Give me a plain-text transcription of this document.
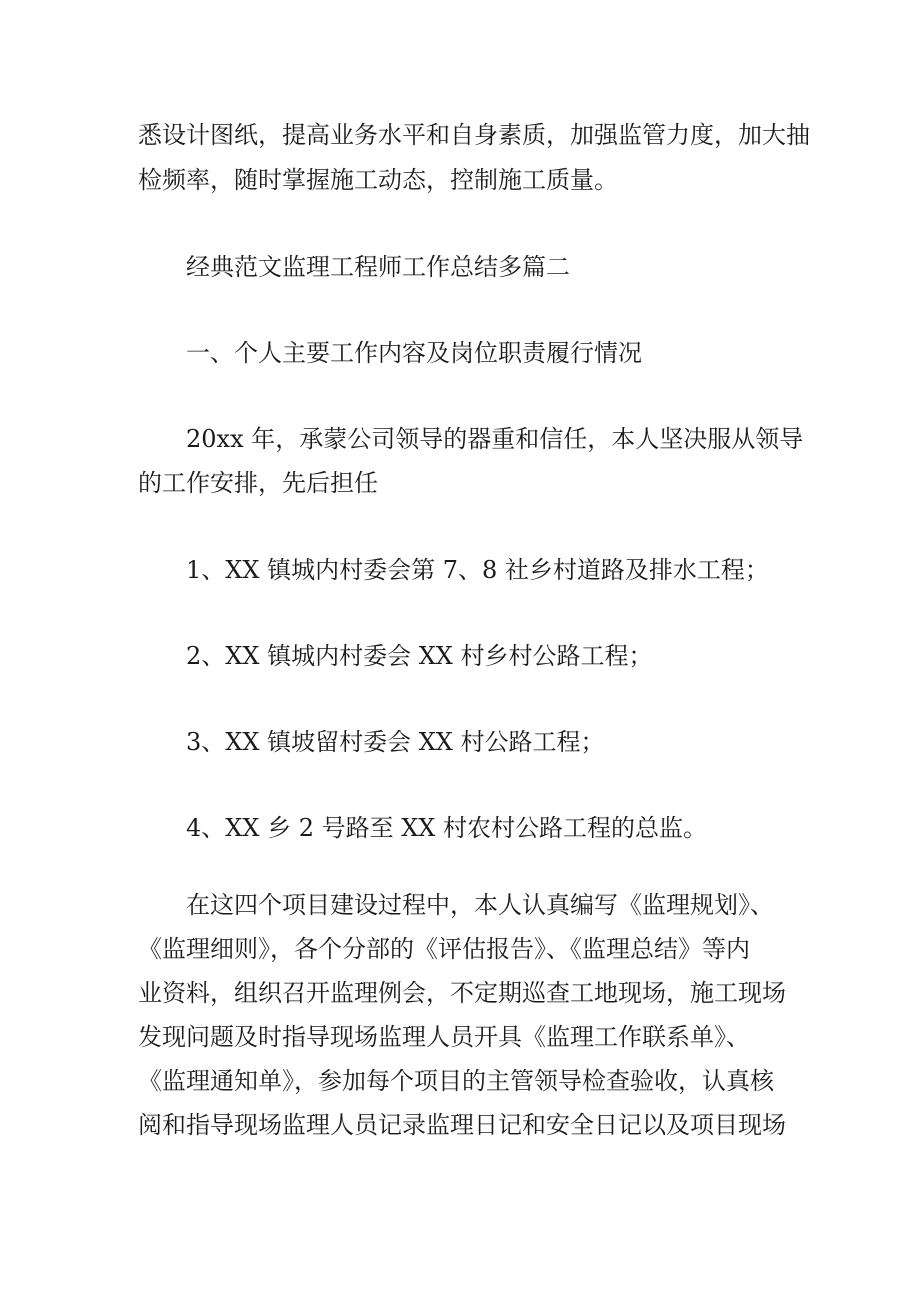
悉设计图纸，提高业务水平和自身素质，加强监管力度，加大抽
检频率，随时掌握施工动态，控制施工质量。
经典范文监理工程师工作总结多篇二
一、个人主要工作内容及岗位职责履行情况
20xx 年，承蒙公司领导的器重和信任，本人坚决服从领导
的工作安排，先后担任
1、XX 镇城内村委会第 7、8 社乡村道路及排水工程；
2、XX 镇城内村委会 XX 村乡村公路工程；
3、XX 镇坡留村委会 XX 村公路工程；
4、XX 乡 2 号路至 XX 村农村公路工程的总监。
在这四个项目建设过程中，本人认真编写《监理规划》、
《监理细则》，各个分部的《评估报告》、《监理总结》等内
业资料，组织召开监理例会，不定期巡查工地现场，施工现场
发现问题及时指导现场监理人员开具《监理工作联系单》、
《监理通知单》，参加每个项目的主管领导检查验收，认真核
阅和指导现场监理人员记录监理日记和安全日记以及项目现场
